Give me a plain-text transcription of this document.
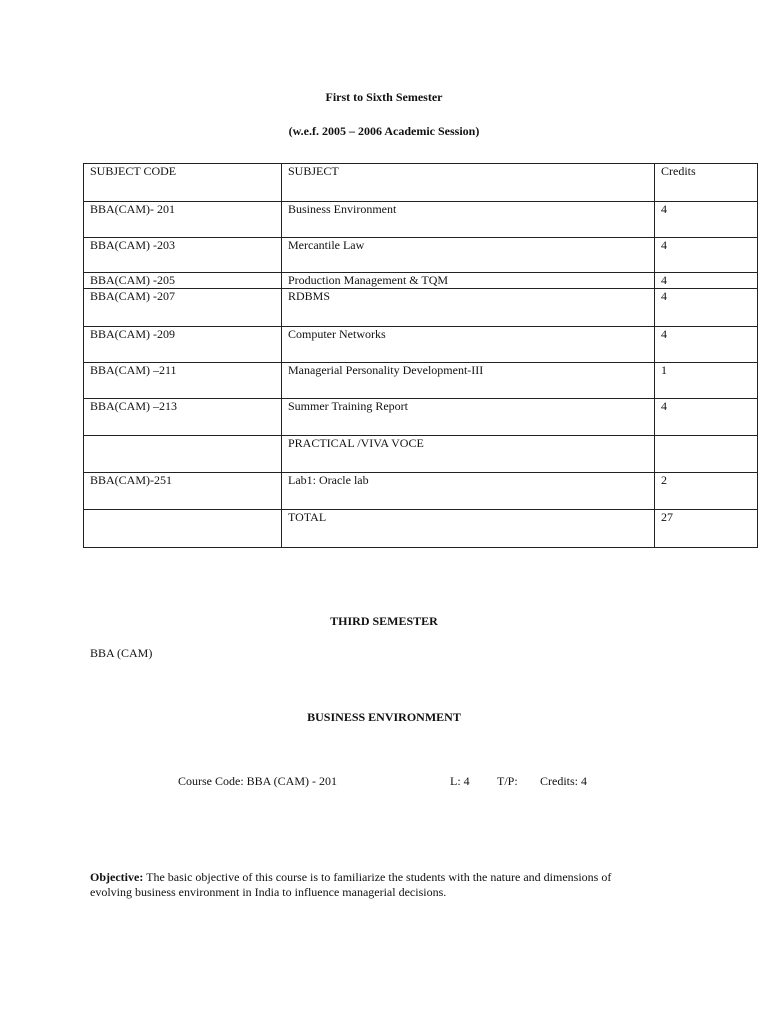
First to Sixth Semester
(w.e.f. 2005 – 2006 Academic Session)
SUBJECT CODE	SUBJECT	Credits
BBA(CAM)- 201	Business Environment	4
BBA(CAM) -203	Mercantile Law	4
BBA(CAM) -205	Production Management & TQM	4
BBA(CAM) -207	RDBMS	4
BBA(CAM) -209	Computer Networks	4
BBA(CAM) –211	Managerial Personality Development-III	1
BBA(CAM) –213	Summer Training Report	4
	PRACTICAL /VIVA VOCE	
BBA(CAM)-251	Lab1: Oracle lab	2
	TOTAL	27
THIRD SEMESTER
BBA (CAM)
BUSINESS ENVIRONMENT
Course Code: BBA (CAM) - 201	L: 4 T/P: Credits: 4
Objective: The basic objective of this course is to familiarize the students with the nature and dimensions of
evolving business environment in India to influence managerial decisions.
